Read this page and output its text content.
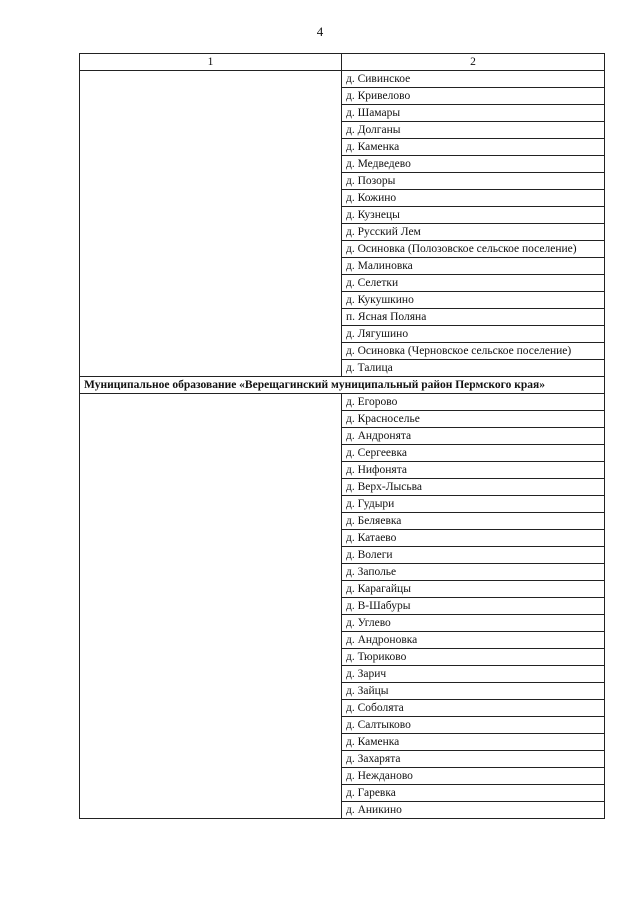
4
1	2
	д. Сивинское
	д. Кривелово
	д. Шамары
	д. Долганы
	д. Каменка
	д. Медведево
	д. Позоры
	д. Кожино
	д. Кузнецы
	д. Русский Лем
	д. Осиновка (Полозовское сельское поселение)
	д. Малиновка
	д. Селетки
	д. Кукушкино
	п. Ясная Поляна
	д. Лягушино
	д. Осиновка (Черновское сельское поселение)
	д. Талица
Муниципальное образование «Верещагинский муниципальный район Пермского края»	
	д. Егорово
	д. Красноселье
	д. Андронята
	д. Сергеевка
	д. Нифонята
	д. Верх-Лысьва
	д. Гудыри
	д. Беляевка
	д. Катаево
	д. Волеги
	д. Заполье
	д. Карагайцы
	д. В-Шабуры
	д. Углево
	д. Андроновка
	д. Тюриково
	д. Зарич
	д. Зайцы
	д. Соболята
	д. Салтыково
	д. Каменка
	д. Захарята
	д. Нежданово
	д. Гаревка
	д. Аникино
